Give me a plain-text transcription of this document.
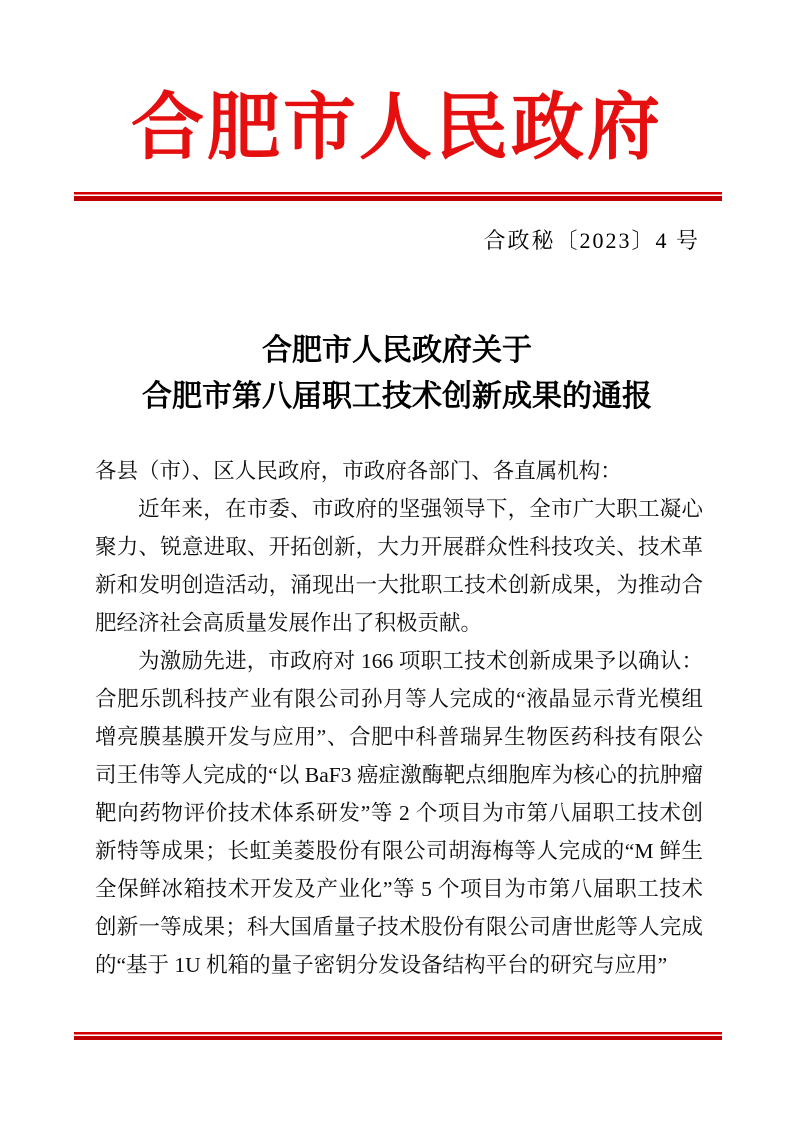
合肥市人民政府
合政秘〔2023〕4 号
合肥市人民政府关于
合肥市第八届职工技术创新成果的通报

各县（市）、区人民政府，市政府各部门、各直属机构：

近年来，在市委、市政府的坚强领导下，全市广大职工凝心聚力、锐意进取、开拓创新，大力开展群众性科技攻关、技术革新和发明创造活动，涌现出一大批职工技术创新成果，为推动合肥经济社会高质量发展作出了积极贡献。

为激励先进，市政府对 166 项职工技术创新成果予以确认：合肥乐凯科技产业有限公司孙月等人完成的“液晶显示背光模组增亮膜基膜开发与应用”、合肥中科普瑞昇生物医药科技有限公司王伟等人完成的“以 BaF3 癌症激酶靶点细胞库为核心的抗肿瘤靶向药物评价技术体系研发”等 2 个项目为市第八届职工技术创新特等成果；长虹美菱股份有限公司胡海梅等人完成的“M 鲜生全保鲜冰箱技术开发及产业化”等 5 个项目为市第八届职工技术创新一等成果；科大国盾量子技术股份有限公司唐世彪等人完成的“基于 1U 机箱的量子密钥分发设备结构平台的研究与应用”
